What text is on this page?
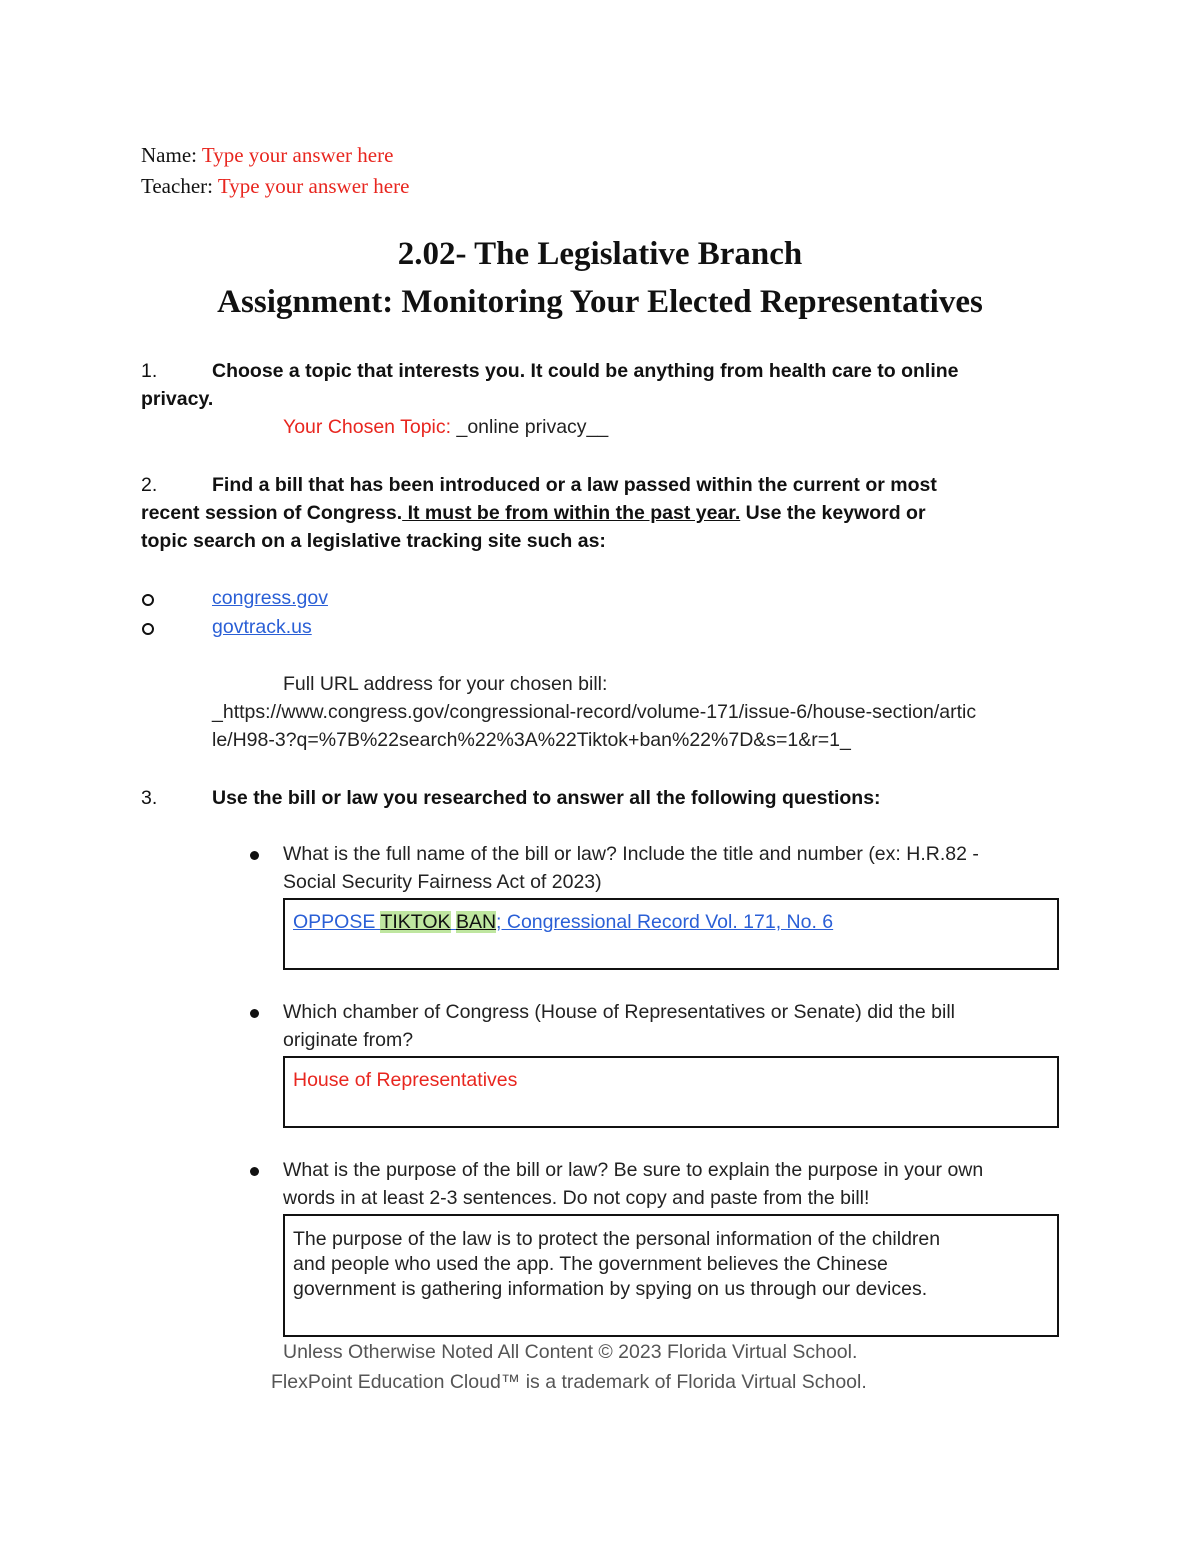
Name: Type your answer here
Teacher: Type your answer here
2.02- The Legislative Branch
Assignment: Monitoring Your Elected Representatives
1.	Choose a topic that interests you. It could be anything from health care to online
privacy.
Your Chosen Topic: _online privacy__
2.	Find a bill that has been introduced or a law passed within the current or most
recent session of Congress. It must be from within the past year. Use the keyword or
topic search on a legislative tracking site such as:
congress.gov
govtrack.us
Full URL address for your chosen bill:
_https://www.congress.gov/congressional-record/volume-171/issue-6/house-section/artic
le/H98-3?q=%7B%22search%22%3A%22Tiktok+ban%22%7D&s=1&r=1_
3.	Use the bill or law you researched to answer all the following questions:
What is the full name of the bill or law? Include the title and number (ex: H.R.82 -
Social Security Fairness Act of 2023)
OPPOSE TIKTOK BAN; Congressional Record Vol. 171, No. 6
Which chamber of Congress (House of Representatives or Senate) did the bill
originate from?
House of Representatives
What is the purpose of the bill or law? Be sure to explain the purpose in your own
words in at least 2-3 sentences. Do not copy and paste from the bill!
The purpose of the law is to protect the personal information of the children
and people who used the app. The government believes the Chinese
government is gathering information by spying on us through our devices.
Unless Otherwise Noted All Content © 2023 Florida Virtual School.
FlexPoint Education Cloud™ is a trademark of Florida Virtual School.
